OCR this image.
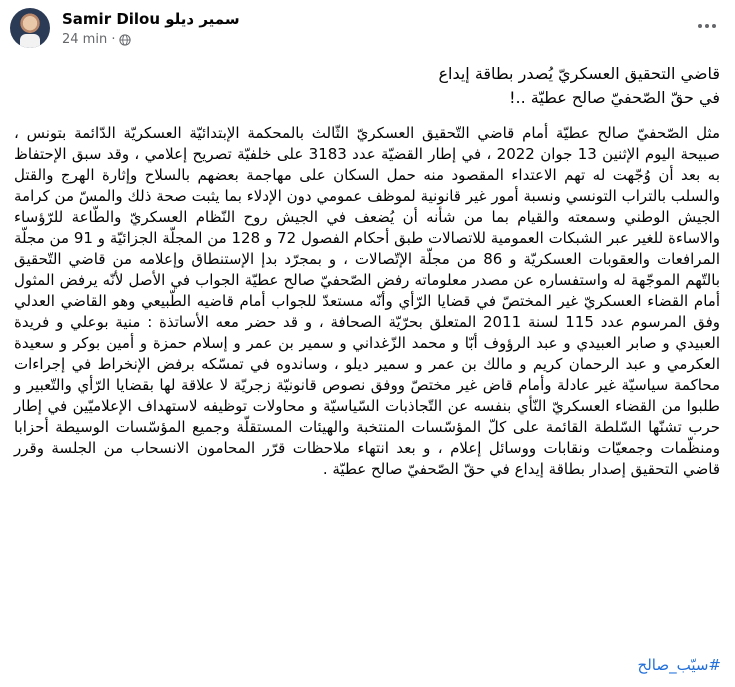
Samir Dilou سمير ديلو
24 min ·

قاضي التحقيق العسكريّ يُصدر بطاقة إيداع
في حقّ الصّحفيّ صالح عطيّة ..!

مثل الصّحفيّ صالح عطيّة أمام قاضي التّحقيق العسكريّ الثّالث بالمحكمة الإبتدائيّة العسكريّة الدّائمة بتونس ، صبيحة اليوم الإثنين 13 جوان 2022 ، في إطار القضيّة عدد 3183 على خلفيّة تصريح إعلامي ، وقد سبق الإحتفاظ به بعد أن وُجّهت له تهم الاعتداء المقصود منه حمل السكان على مهاجمة بعضهم بالسلاح وإثارة الهرج والقتل والسلب بالتراب التونسي ونسبة أمور غير قانونية لموظف عمومي دون الإدلاء بما يثبت صحة ذلك والمسّ من كرامة الجيش الوطني وسمعته والقيام بما من شأنه أن يُضعف في الجيش روح النّظام العسكريّ والطّاعة للرّؤساء والاساءة للغير عبر الشبكات العمومية للاتصالات طبق أحكام الفصول 72 و 128 من المجلّة الجزائيّة و 91 من مجلّة المرافعات والعقوبات العسكريّة و 86 من مجلّة الإتّصالات ، و بمجرّد بدإ الإستنطاق وإعلامه من قاضي التّحقيق بالتّهم الموجّهة له واستفساره عن مصدر معلوماته رفض الصّحفيّ صالح عطيّة الجواب في الأصل لأنّه يرفض المثول أمام القضاء العسكريّ غير المختصّ في قضايا الرّأي وأنّه مستعدّ للجواب أمام قاضيه الطّبيعي وهو القاضي العدلي وفق المرسوم عدد 115 لسنة 2011 المتعلق بحرّيّة الصحافة ، و قد حضر معه الأساتذة : منية بوعلي و فريدة العبيدي و صابر العبيدي و عبد الرؤوف أبّا و محمد الزّغداني و سمير بن عمر و إسلام حمزة و أمين بوكر و سعيدة العكرمي و عبد الرحمان كريم و مالك بن عمر و سمير ديلو ، وساندوه في تمسّكه برفض الإنخراط في إجراءات محاكمة سياسيّة غير عادلة وأمام قاض غير مختصّ ووفق نصوص قانونيّة زجريّة لا علاقة لها بقضايا الرّأي والتّعبير و طلبوا من القضاء العسكريّ النّأي بنفسه عن التّجاذبات السّياسيّة و محاولات توظيفه لاستهداف الإعلاميّين في إطار حرب تشنّها السّلطة القائمة على كلّ المؤسّسات المنتخبة والهيئات المستقلّة وجميع المؤسّسات الوسيطة أحزابا ومنظّمات وجمعيّات ونقابات ووسائل إعلام ، و بعد انتهاء ملاحظات قرّر المحامون الانسحاب من الجلسة وقرر قاضي التحقيق إصدار بطاقة إيداع في حقّ الصّحفيّ صالح عطيّة .

#سيّب_صالح
